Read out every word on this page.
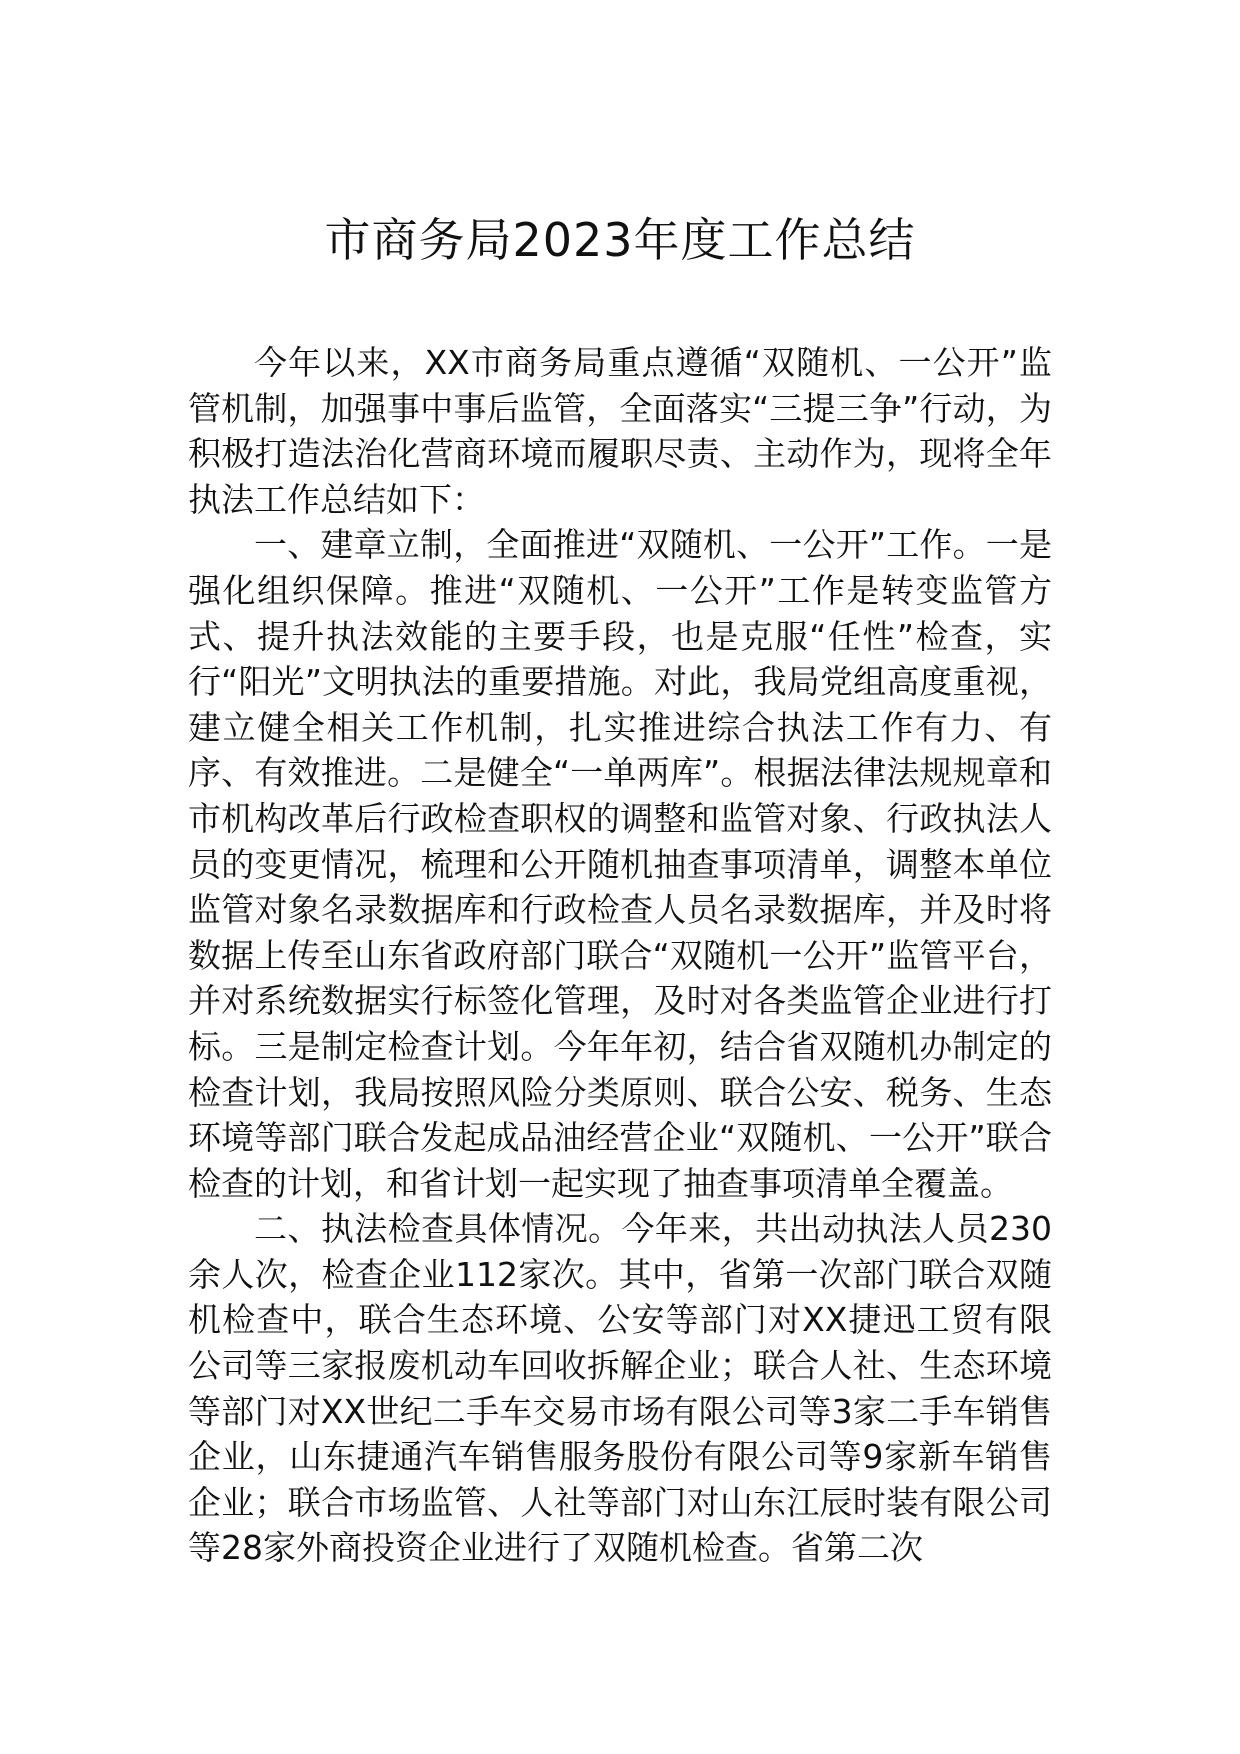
市商务局2023年度工作总结

今年以来，XX市商务局重点遵循“双随机、一公开”监管机制，加强事中事后监管，全面落实“三提三争”行动，为积极打造法治化营商环境而履职尽责、主动作为，现将全年执法工作总结如下：

一、建章立制，全面推进“双随机、一公开”工作。一是强化组织保障。推进“双随机、一公开”工作是转变监管方式、提升执法效能的主要手段，也是克服“任性”检查，实行“阳光”文明执法的重要措施。对此，我局党组高度重视，建立健全相关工作机制，扎实推进综合执法工作有力、有序、有效推进。二是健全“一单两库”。根据法律法规规章和市机构改革后行政检查职权的调整和监管对象、行政执法人员的变更情况，梳理和公开随机抽查事项清单，调整本单位监管对象名录数据库和行政检查人员名录数据库，并及时将数据上传至山东省政府部门联合“双随机一公开”监管平台，并对系统数据实行标签化管理，及时对各类监管企业进行打标。三是制定检查计划。今年年初，结合省双随机办制定的检查计划，我局按照风险分类原则、联合公安、税务、生态环境等部门联合发起成品油经营企业“双随机、一公开”联合检查的计划，和省计划一起实现了抽查事项清单全覆盖。

二、执法检查具体情况。今年来，共出动执法人员230余人次，检查企业112家次。其中，省第一次部门联合双随机检查中，联合生态环境、公安等部门对XX捷迅工贸有限公司等三家报废机动车回收拆解企业；联合人社、生态环境等部门对XX世纪二手车交易市场有限公司等3家二手车销售企业，山东捷通汽车销售服务股份有限公司等9家新车销售企业；联合市场监管、人社等部门对山东江辰时装有限公司等28家外商投资企业进行了双随机检查。省第二次
